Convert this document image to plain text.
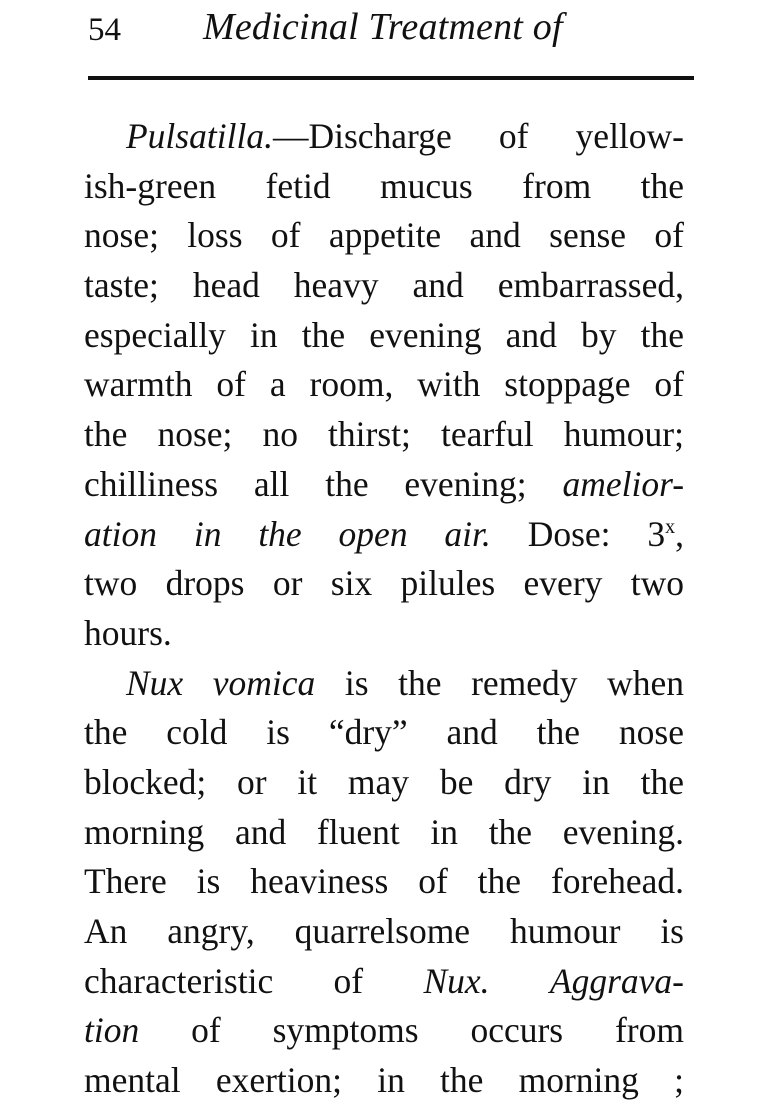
54 Medicinal Treatment of
Pulsatilla.—Discharge of yellow-
ish-green fetid mucus from the
nose; loss of appetite and sense of
taste; head heavy and embarrassed,
especially in the evening and by the
warmth of a room, with stoppage of
the nose; no thirst; tearful humour;
chilliness all the evening; amelior-
ation in the open air. Dose: 3$^x$,
two drops or six pilules every two
hours.
Nux vomica is the remedy when
the cold is “dry” and the nose
blocked; or it may be dry in the
morning and fluent in the evening.
There is heaviness of the forehead.
An angry, quarrelsome humour is
characteristic of Nux. Aggrava-
tion of symptoms occurs from
mental exertion; in the morning ;
